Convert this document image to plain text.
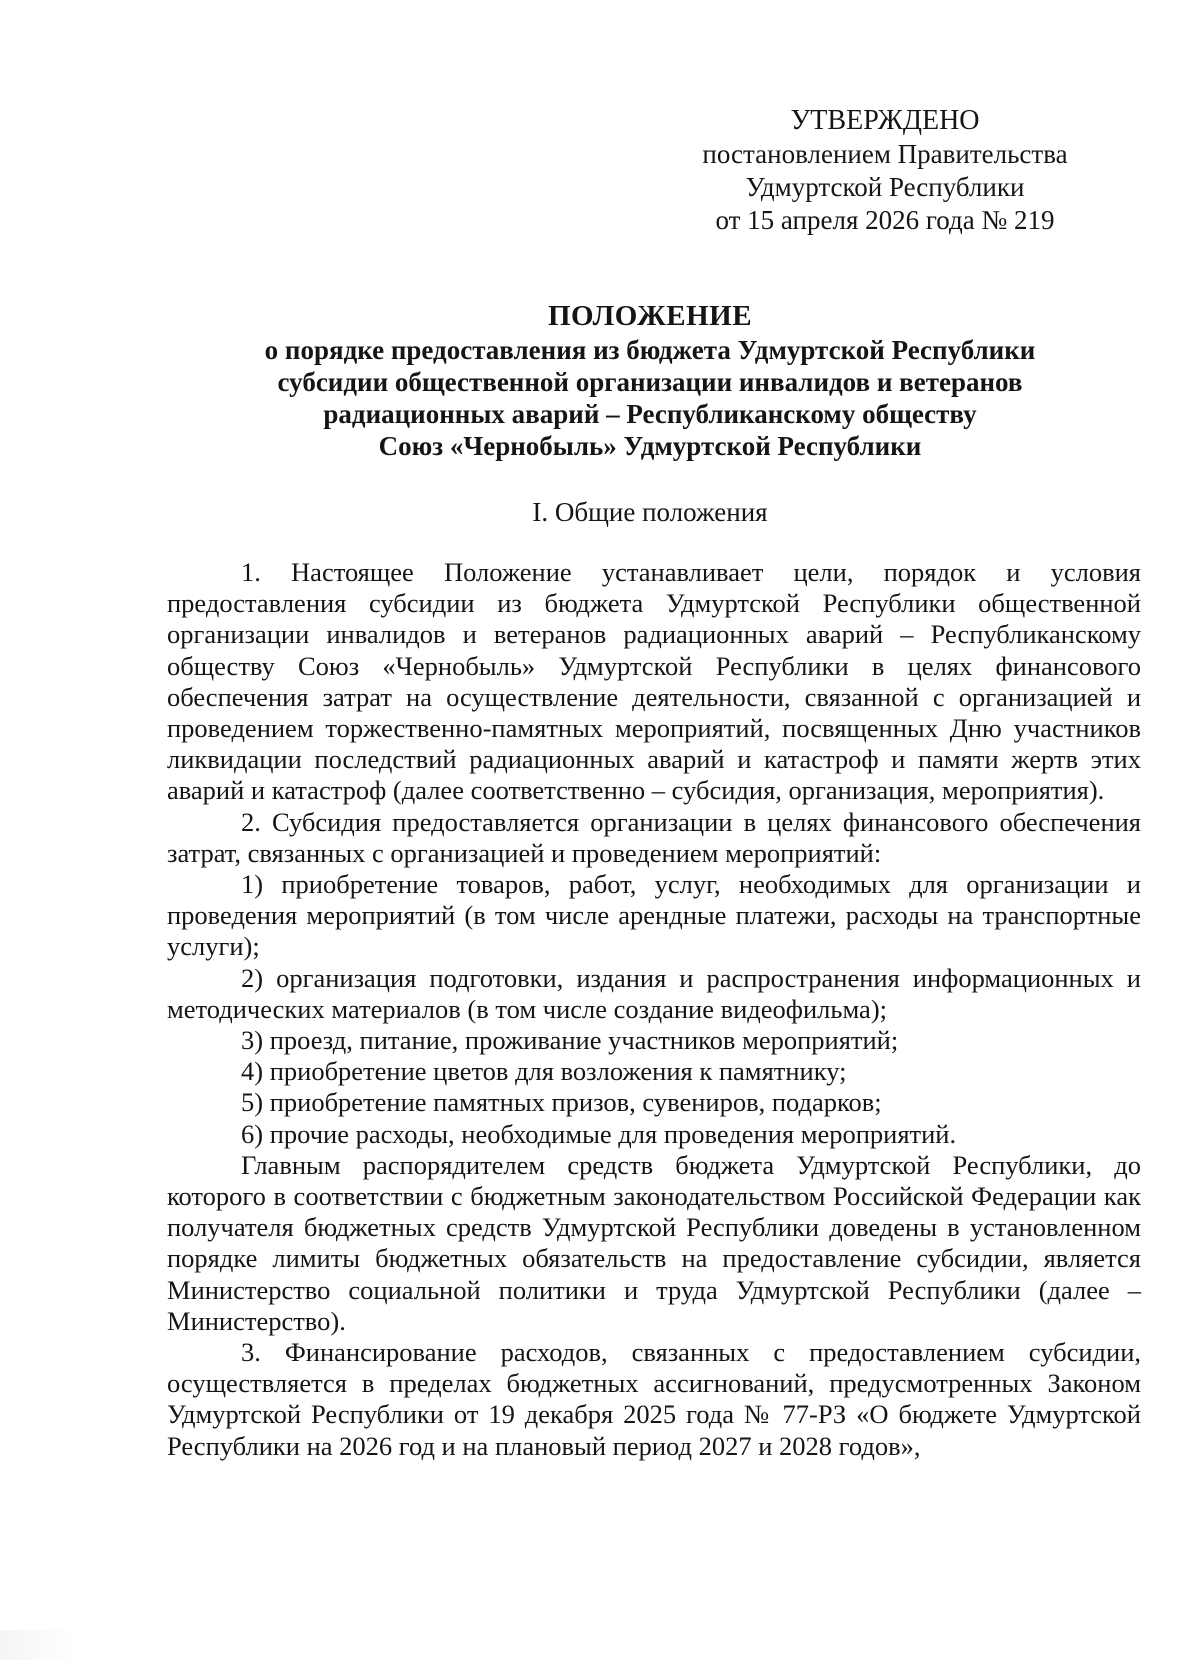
УТВЕРЖДЕНО
постановлением Правительства
Удмуртской Республики
от 15 апреля 2026 года № 219
ПОЛОЖЕНИЕ
о порядке предоставления из бюджета Удмуртской Республики
субсидии общественной организации инвалидов и ветеранов
радиационных аварий – Республиканскому обществу
Союз «Чернобыль» Удмуртской Республики
I. Общие положения

1. Настоящее Положение устанавливает цели, порядок и условия предоставления субсидии из бюджета Удмуртской Республики общественной организации инвалидов и ветеранов радиационных аварий – Республиканскому обществу Союз «Чернобыль» Удмуртской Республики в целях финансового обеспечения затрат на осуществление деятельности, связанной с организацией и проведением торжественно-памятных мероприятий, посвященных Дню участников ликвидации последствий радиационных аварий и катастроф и памяти жертв этих аварий и катастроф (далее соответственно – субсидия, организация, мероприятия).

2. Субсидия предоставляется организации в целях финансового обеспечения затрат, связанных с организацией и проведением мероприятий:

1) приобретение товаров, работ, услуг, необходимых для организации и проведения мероприятий (в том числе арендные платежи, расходы на транспортные услуги);

2) организация подготовки, издания и распространения информационных и методических материалов (в том числе создание видеофильма);

3) проезд, питание, проживание участников мероприятий;

4) приобретение цветов для возложения к памятнику;

5) приобретение памятных призов, сувениров, подарков;

6) прочие расходы, необходимые для проведения мероприятий.

Главным распорядителем средств бюджета Удмуртской Республики, до которого в соответствии с бюджетным законодательством Российской Федерации как получателя бюджетных средств Удмуртской Республики доведены в установленном порядке лимиты бюджетных обязательств на предоставление субсидии, является Министерство социальной политики и труда Удмуртской Республики (далее – Министерство).

3. Финансирование расходов, связанных с предоставлением субсидии, осуществляется в пределах бюджетных ассигнований, предусмотренных Законом Удмуртской Республики от 19 декабря 2025 года № 77-РЗ «О бюджете Удмуртской Республики на 2026 год и на плановый период 2027 и 2028 годов»,
